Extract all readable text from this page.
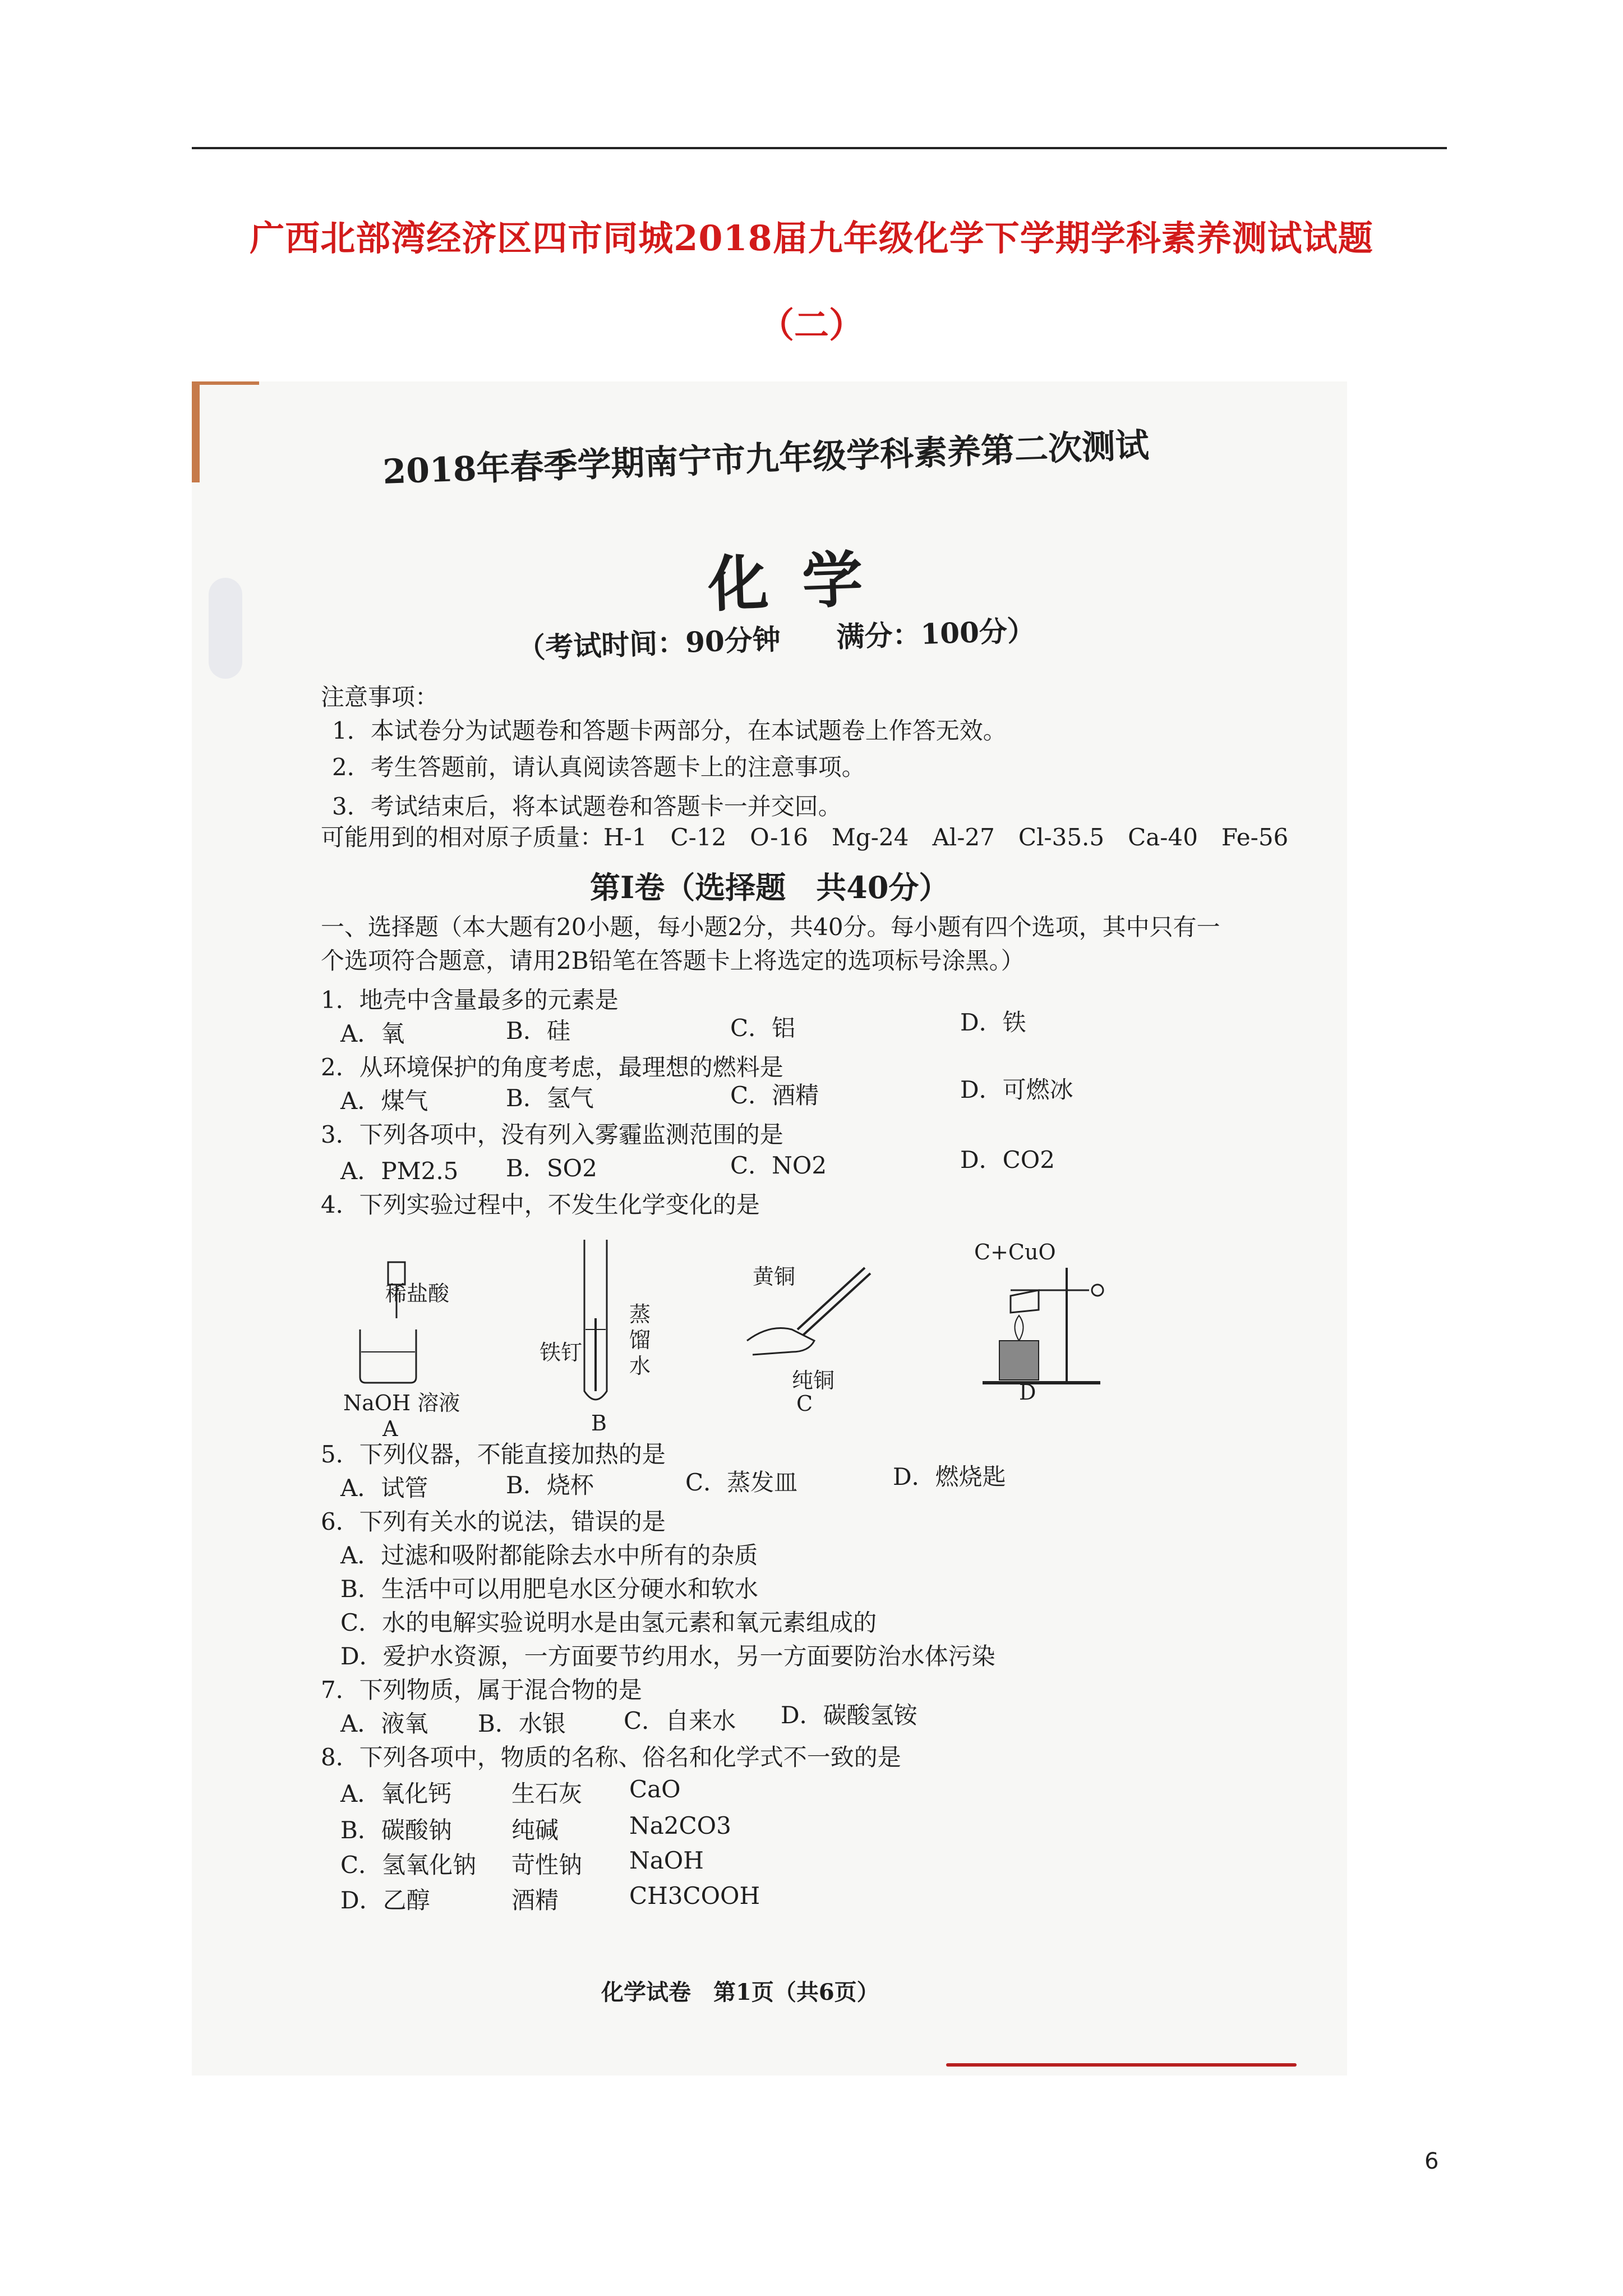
广西北部湾经济区四市同城2018届九年级化学下学期学科素养测试试题
（二）
2018年春季学期南宁市九年级学科素养第二次测试
化学
（考试时间：90分钟　　满分：100分）
注意事项：
1．本试卷分为试题卷和答题卡两部分，在本试题卷上作答无效。
2．考生答题前，请认真阅读答题卡上的注意事项。
3．考试结束后，将本试题卷和答题卡一并交回。
可能用到的相对原子质量：H-1　C-12　O-16　Mg-24　Al-27　Cl-35.5　Ca-40　Fe-56
第Ⅰ卷（选择题　共40分）
一、选择题（本大题有20小题，每小题2分，共40分。每小题有四个选项，其中只有一
个选项符合题意，请用2B铅笔在答题卡上将选定的选项标号涂黑。）
1．地壳中含量最多的元素是
A．氧	B．硅	C．铝	D．铁
2．从环境保护的角度考虑，最理想的燃料是
A．煤气	B．氢气	C．酒精	D．可燃冰
3．下列各项中，没有列入雾霾监测范围的是
A．PM2.5 B．SO2	C．NO2	D．CO2
4．下列实验过程中，不发生化学变化的是
稀盐酸
NaOH 溶液
A
铁钉
蒸馏水
B
黄铜
纯铜
C
C+CuO
D
5．下列仪器，不能直接加热的是
A．试管	B．烧杯	C．蒸发皿	D．燃烧匙
6．下列有关水的说法，错误的是
A．过滤和吸附都能除去水中所有的杂质
B．生活中可以用肥皂水区分硬水和软水
C．水的电解实验说明水是由氢元素和氧元素组成的
D．爱护水资源，一方面要节约用水，另一方面要防治水体污染
7．下列物质，属于混合物的是
A．液氧 B．水银 C．自来水 D．碳酸氢铵
8．下列各项中，物质的名称、俗名和化学式不一致的是
A．氧化钙	生石灰 CaO
B．碳酸钠	纯碱	Na2CO3
C．氢氧化钠 苛性钠 NaOH
D．乙醇	酒精	CH3COOH
化学试卷　第1页（共6页）
6
